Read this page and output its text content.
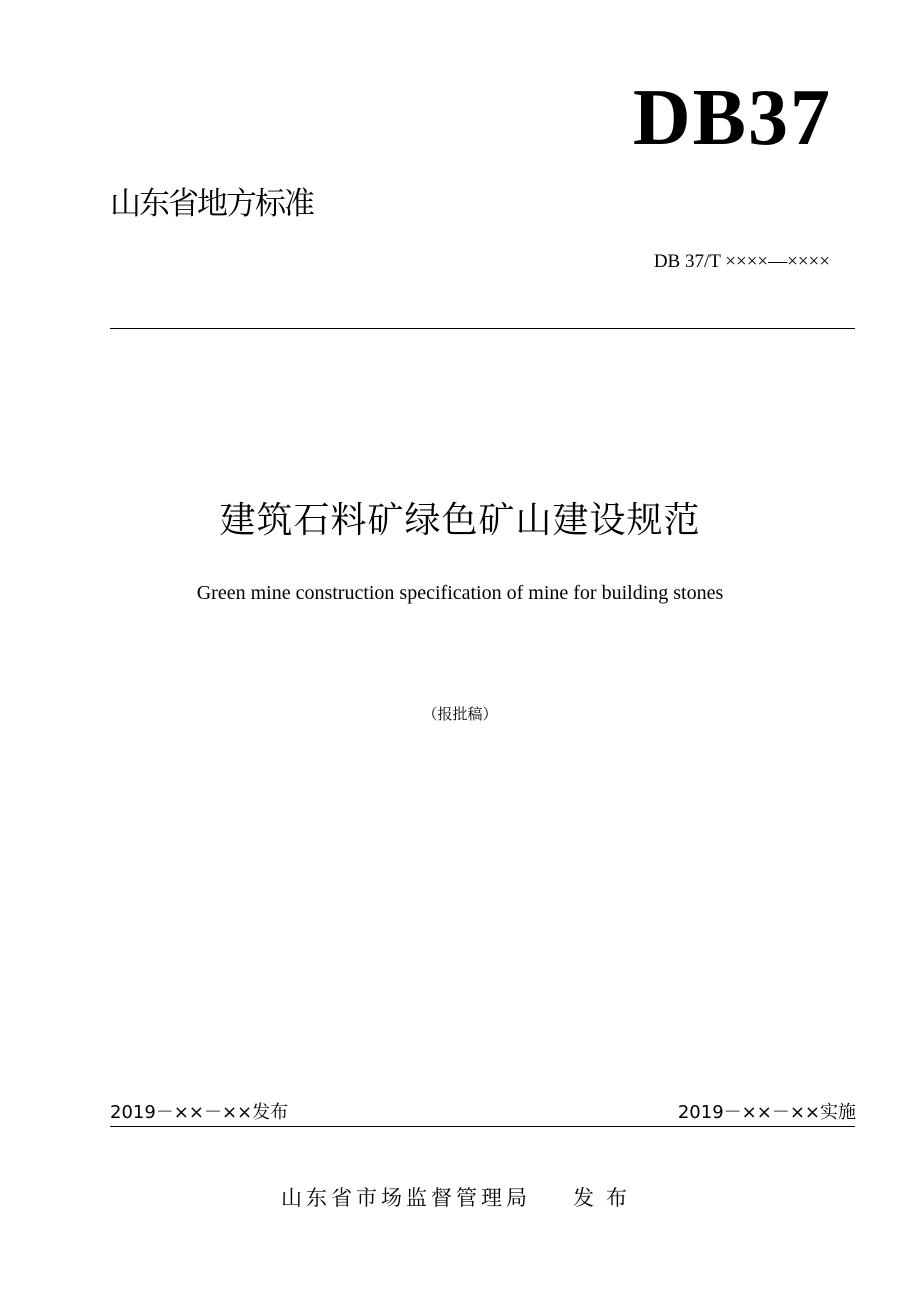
DB37
山东省地方标准
DB 37/T ××××—××××
建筑石料矿绿色矿山建设规范
Green mine construction specification of mine for building stones
（报批稿）
2019－××－××发布	2019－××－××实施
山东省市场监督管理局 发布
